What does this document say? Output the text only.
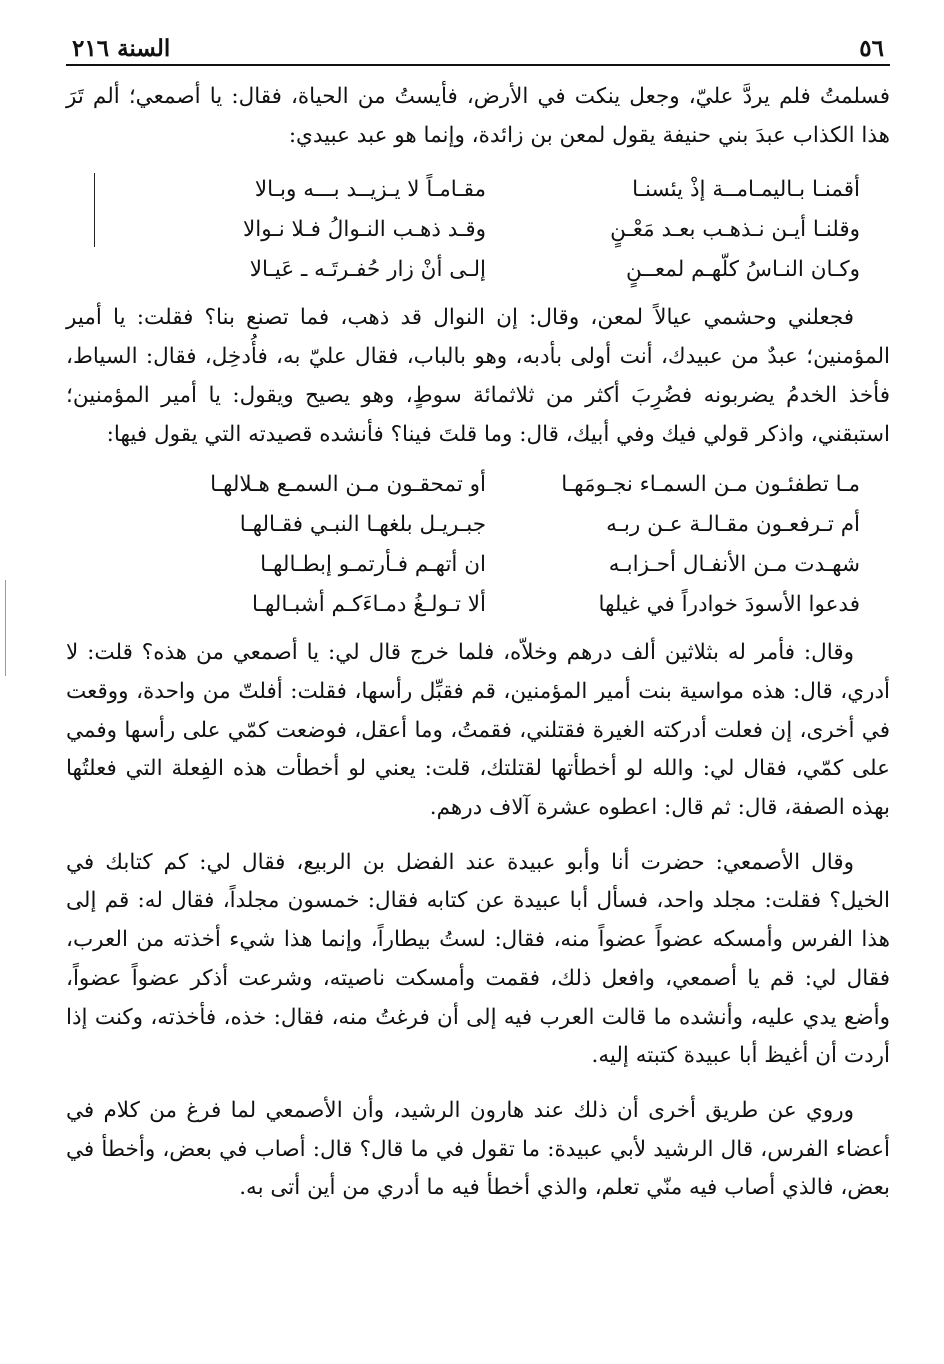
٥٦
السنة ٢١٦

فسلمتُ فلم يردَّ عليّ، وجعل ينكت في الأرض، فأيستُ من الحياة، فقال: يا أصمعي؛ ألم تَرَ هذا الكذاب عبدَ بني حنيفة يقول لمعن بن زائدة، وإنما هو عبد عبيدي:

أقمنـا بـاليمـامــة إذْ يئسنـا
مقـامـاً لا يـزيــد بـــه وبـالا
وقلنـا أيـن نـذهـب بعـد مَعْـنٍ
وقـد ذهـب النـوالُ فـلا نـوالا
وكـان النـاسُ كلّهـم لمعــنٍ
إلـى أنْ زار حُفـرتَـه ـ عَيـالا

فجعلني وحشمي عيالاً لمعن، وقال: إن النوال قد ذهب، فما تصنع بنا؟ فقلت: يا أمير المؤمنين؛ عبدٌ من عبيدك، أنت أولى بأدبه، وهو بالباب، فقال عليّ به، فأُدخِل، فقال: السياط، فأخذ الخدمُ يضربونه فضُرِبَ أكثر من ثلاثمائة سوطٍ، وهو يصيح ويقول: يا أمير المؤمنين؛ استبقني، واذكر قولي فيك وفي أبيك، قال: وما قلتَ فينا؟ فأنشده قصيدته التي يقول فيها:

مـا تطفئـون مـن السمـاء نجـومَهـا
أو تمحقـون مـن السمـع هـلالهـا
أم تـرفعـون مقـالـة عـن ربـه
جبـريـل بلغهـا النبـي فقـالهـا
شهـدت مـن الأنفـال أحـزابـه
ان أتهـم فـأرتمـو إبطـالهـا
فدعوا الأسودَ خوادراً في غيلها
ألا تـولـغُ دمـاءَكـم أشبـالهـا

وقال: فأمر له بثلاثين ألف درهم وخلاّه، فلما خرج قال لي: يا أصمعي من هذه؟ قلت: لا أدري، قال: هذه مواسية بنت أمير المؤمنين، قم فقبِّل رأسها، فقلت: أفلتّ من واحدة، ووقعت في أخرى، إن فعلت أدركته الغيرة فقتلني، فقمتُ، وما أعقل، فوضعت كمّي على رأسها وفمي على كمّي، فقال لي: والله لو أخطأتها لقتلتك، قلت: يعني لو أخطأت هذه الفِعلة التي فعلتُها بهذه الصفة، قال: ثم قال: اعطوه عشرة آلاف درهم.

وقال الأصمعي: حضرت أنا وأبو عبيدة عند الفضل بن الربيع، فقال لي: كم كتابك في الخيل؟ فقلت: مجلد واحد، فسأل أبا عبيدة عن كتابه فقال: خمسون مجلداً، فقال له: قم إلى هذا الفرس وأمسكه عضواً عضواً منه، فقال: لستُ بيطاراً، وإنما هذا شيء أخذته من العرب، فقال لي: قم يا أصمعي، وافعل ذلك، فقمت وأمسكت ناصيته، وشرعت أذكر عضواً عضواً، وأضع يدي عليه، وأنشده ما قالت العرب فيه إلى أن فرغتُ منه، فقال: خذه، فأخذته، وكنت إذا أردت أن أغيظ أبا عبيدة كتبته إليه.

وروي عن طريق أخرى أن ذلك عند هارون الرشيد، وأن الأصمعي لما فرغ من كلام في أعضاء الفرس، قال الرشيد لأبي عبيدة: ما تقول في ما قال؟ قال: أصاب في بعض، وأخطأ في بعض، فالذي أصاب فيه منّي تعلم، والذي أخطأ فيه ما أدري من أين أتى به.
